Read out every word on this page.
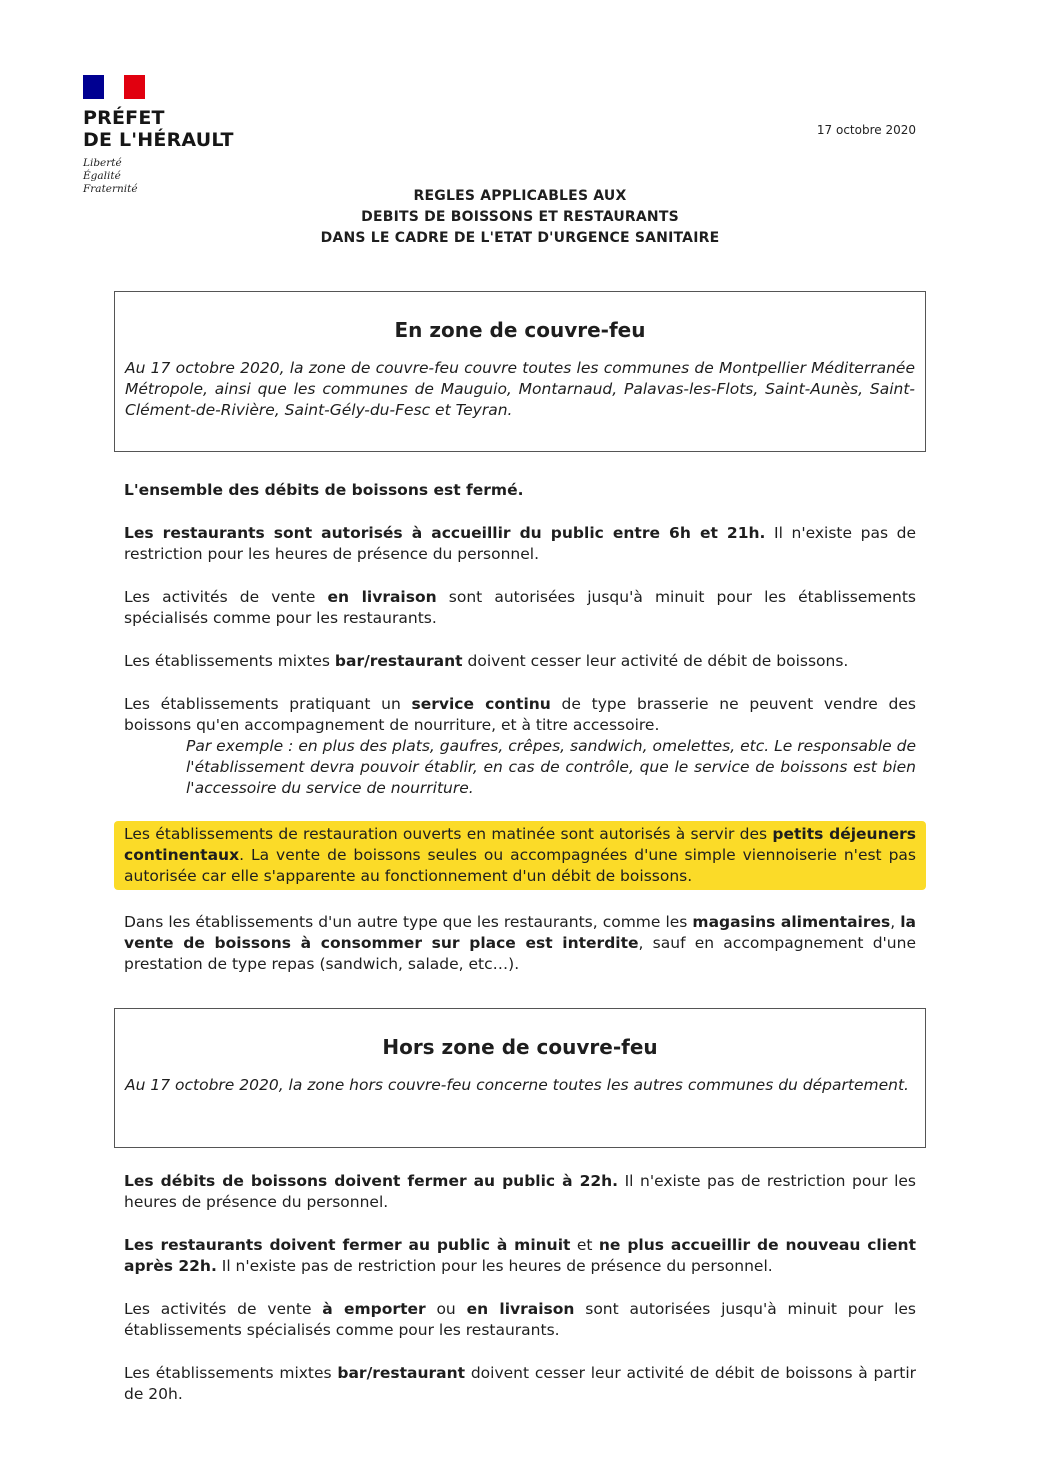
PRÉFET
DE L'HÉRAULT
Liberté
Égalité
Fraternité
17 octobre 2020
REGLES APPLICABLES AUX
DEBITS DE BOISSONS ET RESTAURANTS
DANS LE CADRE DE L'ETAT D'URGENCE SANITAIRE
En zone de couvre-feu

Au 17 octobre 2020, la zone de couvre-feu couvre toutes les communes de Montpellier Méditerranée Métropole, ainsi que les communes de Mauguio, Montarnaud, Palavas-les-Flots, Saint-Aunès, Saint-Clément-de-Rivière, Saint-Gély-du-Fesc et Teyran.

L'ensemble des débits de boissons est fermé.

Les restaurants sont autorisés à accueillir du public entre 6h et 21h. Il n'existe pas de restriction pour les heures de présence du personnel.

Les activités de vente en livraison sont autorisées jusqu'à minuit pour les établissements spécialisés comme pour les restaurants.

Les établissements mixtes bar/restaurant doivent cesser leur activité de débit de boissons.

Les établissements pratiquant un service continu de type brasserie ne peuvent vendre des boissons qu'en accompagnement de nourriture, et à titre accessoire.

Par exemple : en plus des plats, gaufres, crêpes, sandwich, omelettes, etc. Le responsable de l'établissement devra pouvoir établir, en cas de contrôle, que le service de boissons est bien l'accessoire du service de nourriture.

Les établissements de restauration ouverts en matinée sont autorisés à servir des petits déjeuners continentaux. La vente de boissons seules ou accompagnées d'une simple viennoiserie n'est pas autorisée car elle s'apparente au fonctionnement d'un débit de boissons.

Dans les établissements d'un autre type que les restaurants, comme les magasins alimentaires, la vente de boissons à consommer sur place est interdite, sauf en accompagnement d'une prestation de type repas (sandwich, salade, etc…).

Hors zone de couvre-feu

Au 17 octobre 2020, la zone hors couvre-feu concerne toutes les autres communes du département.

Les débits de boissons doivent fermer au public à 22h. Il n'existe pas de restriction pour les heures de présence du personnel.

Les restaurants doivent fermer au public à minuit et ne plus accueillir de nouveau client après 22h. Il n'existe pas de restriction pour les heures de présence du personnel.

Les activités de vente à emporter ou en livraison sont autorisées jusqu'à minuit pour les établissements spécialisés comme pour les restaurants.

Les établissements mixtes bar/restaurant doivent cesser leur activité de débit de boissons à partir de 20h.
